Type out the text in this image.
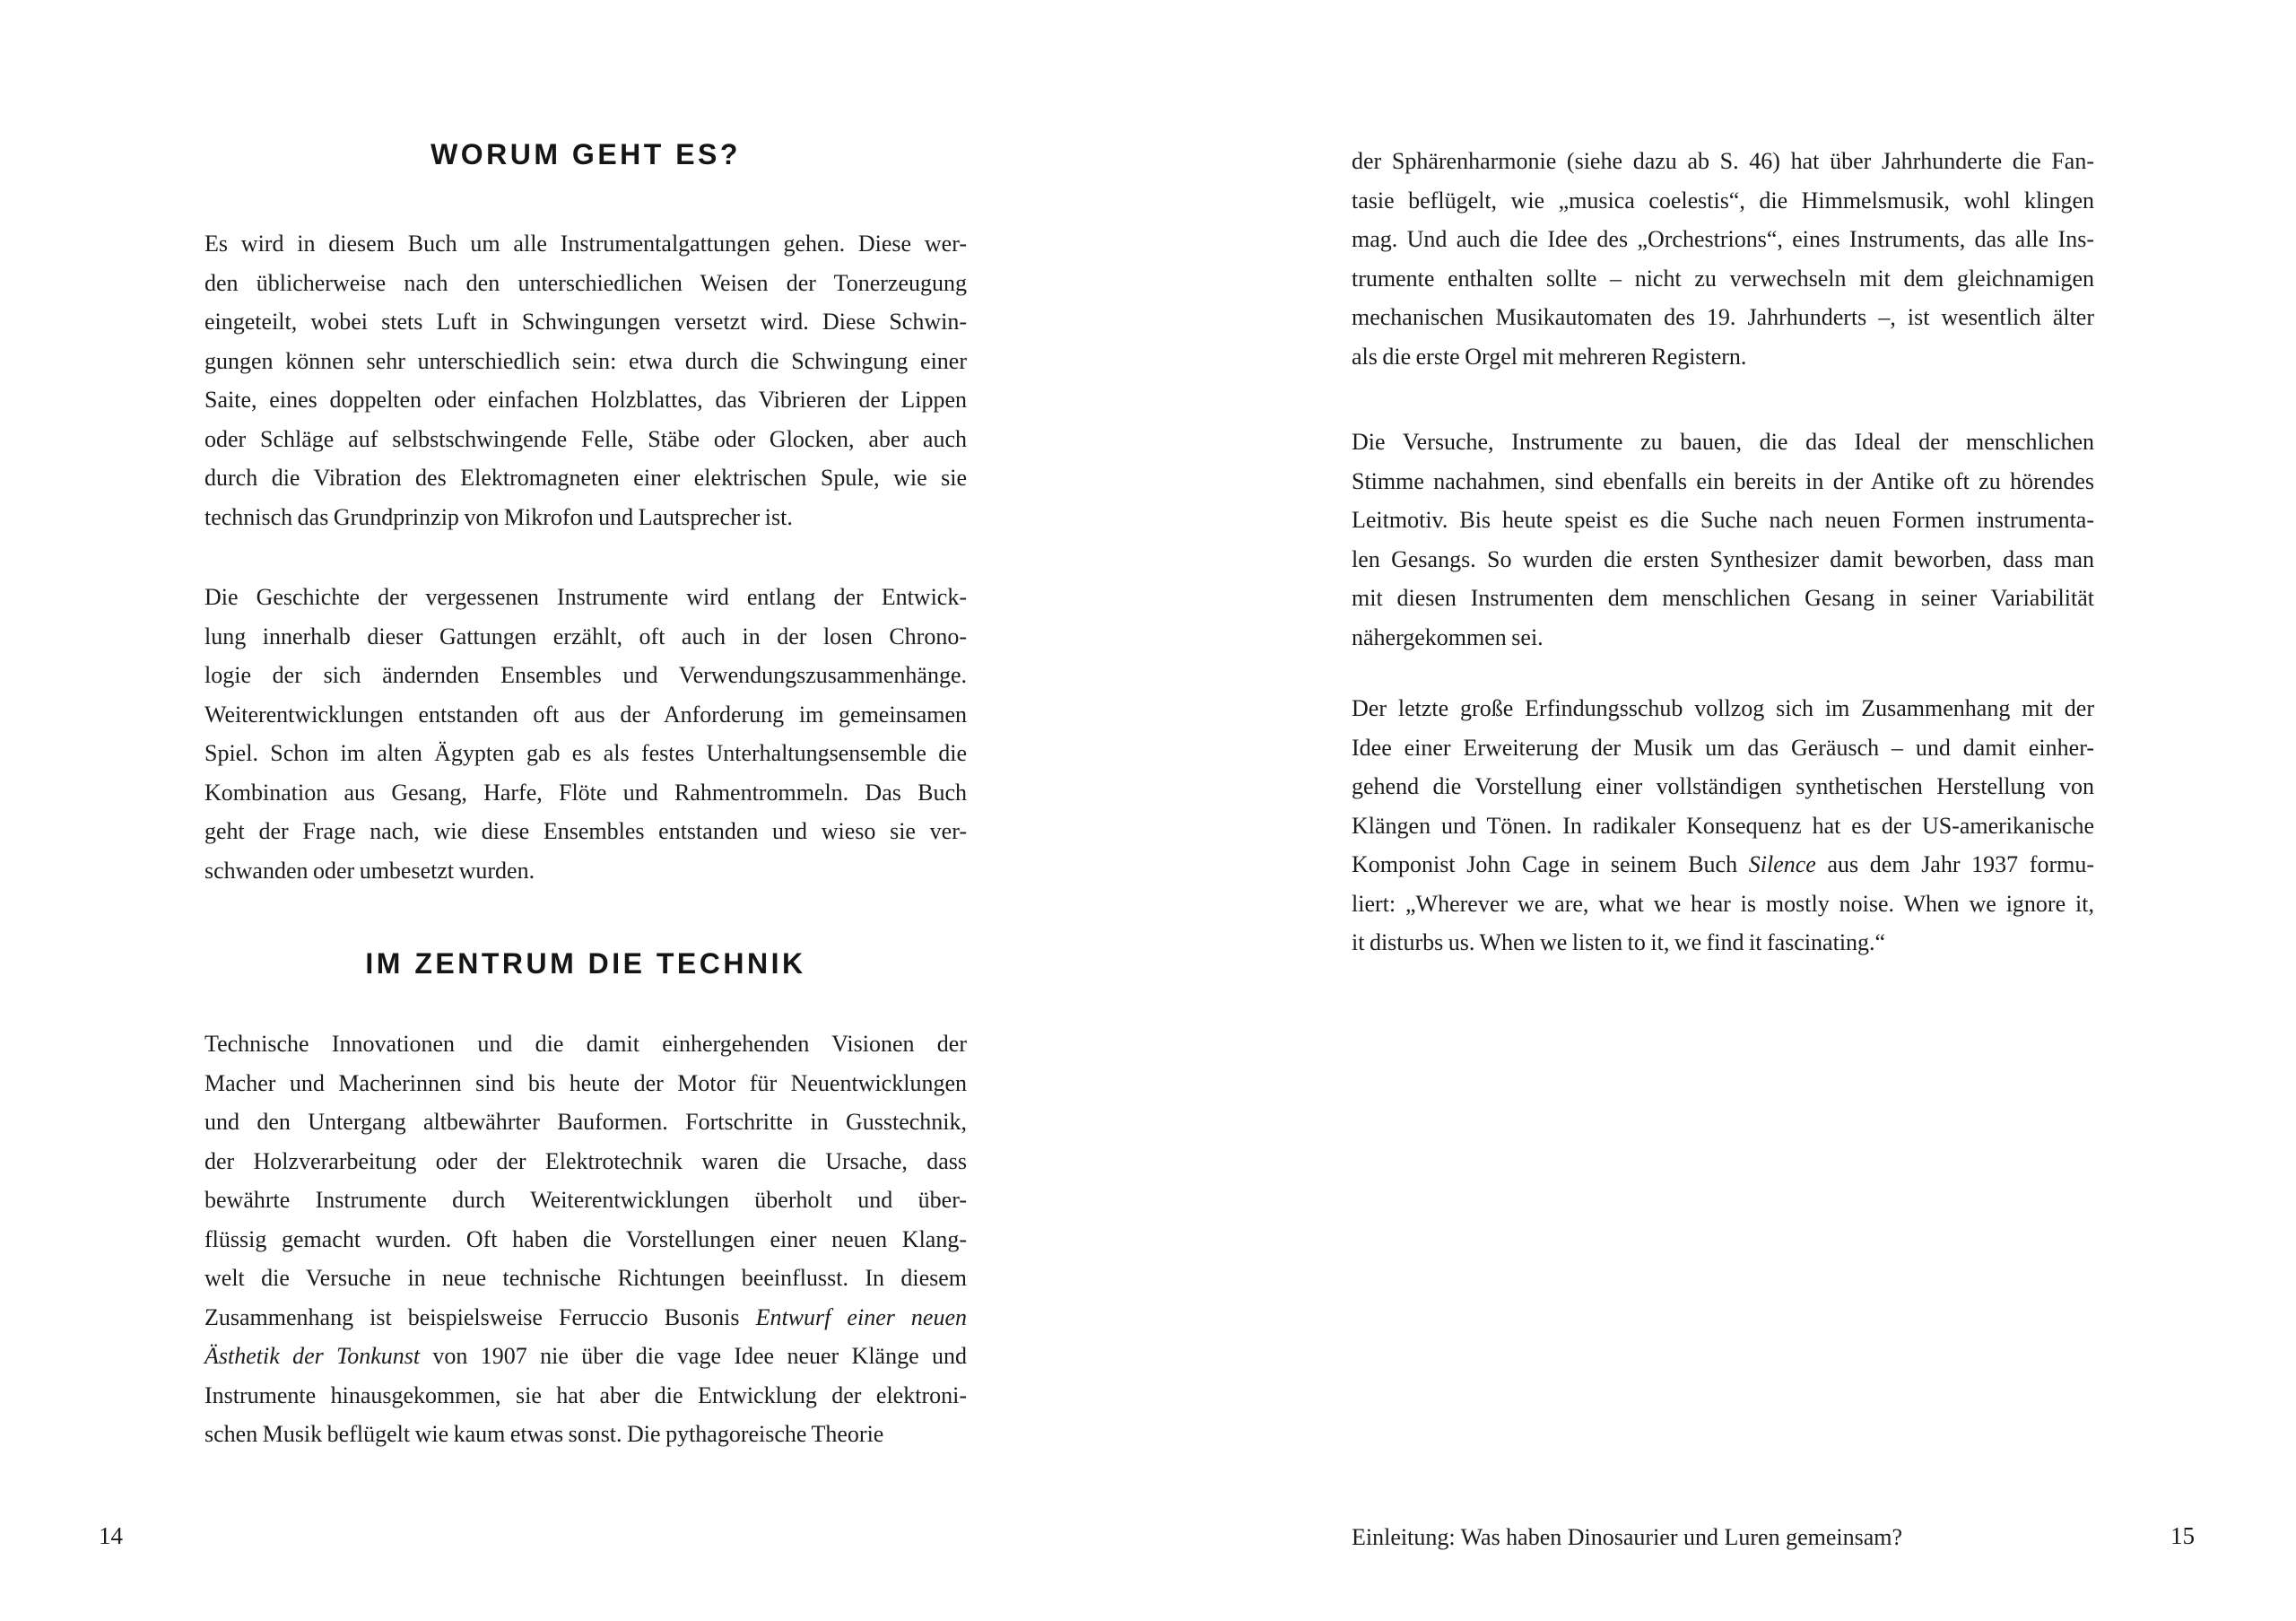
WORUM GEHT ES?
Es wird in diesem Buch um alle Instrumentalgattungen gehen. Diese wer-
den üblicherweise nach den unterschiedlichen Weisen der Tonerzeugung
eingeteilt, wobei stets Luft in Schwingungen versetzt wird. Diese Schwin-
gungen können sehr unterschiedlich sein: etwa durch die Schwingung einer
Saite, eines doppelten oder einfachen Holzblattes, das Vibrieren der Lippen
oder Schläge auf selbstschwingende Felle, Stäbe oder Glocken, aber auch
durch die Vibration des Elektromagneten einer elektrischen Spule, wie sie
technisch das Grundprinzip von Mikrofon und Lautsprecher ist.
Die Geschichte der vergessenen Instrumente wird entlang der Entwick-
lung innerhalb dieser Gattungen erzählt, oft auch in der losen Chrono-
logie der sich ändernden Ensembles und Verwendungszusammenhänge.
Weiterentwicklungen entstanden oft aus der Anforderung im gemeinsamen
Spiel. Schon im alten Ägypten gab es als festes Unterhaltungsensemble die
Kombination aus Gesang, Harfe, Flöte und Rahmentrommeln. Das Buch
geht der Frage nach, wie diese Ensembles entstanden und wieso sie ver-
schwanden oder umbesetzt wurden.
IM ZENTRUM DIE TECHNIK
Technische Innovationen und die damit einhergehenden Visionen der
Macher und Macherinnen sind bis heute der Motor für Neuentwicklungen
und den Untergang altbewährter Bauformen. Fortschritte in Gusstechnik,
der Holzverarbeitung oder der Elektrotechnik waren die Ursache, dass
bewährte Instrumente durch Weiterentwicklungen überholt und über-
flüssig gemacht wurden. Oft haben die Vorstellungen einer neuen Klang-
welt die Versuche in neue technische Richtungen beeinflusst. In diesem
Zusammenhang ist beispielsweise Ferruccio Busonis Entwurf einer neuen
Ästhetik der Tonkunst von 1907 nie über die vage Idee neuer Klänge und
Instrumente hinausgekommen, sie hat aber die Entwicklung der elektroni-
schen Musik beflügelt wie kaum etwas sonst. Die pythagoreische Theorie
der Sphärenharmonie (siehe dazu ab S. 46) hat über Jahrhunderte die Fan-
tasie beflügelt, wie „musica coelestis“, die Himmelsmusik, wohl klingen
mag. Und auch die Idee des „Orchestrions“, eines Instruments, das alle Ins-
trumente enthalten sollte – nicht zu verwechseln mit dem gleichnamigen
mechanischen Musikautomaten des 19. Jahrhunderts –, ist wesentlich älter
als die erste Orgel mit mehreren Registern.
Die Versuche, Instrumente zu bauen, die das Ideal der menschlichen
Stimme nachahmen, sind ebenfalls ein bereits in der Antike oft zu hörendes
Leitmotiv. Bis heute speist es die Suche nach neuen Formen instrumenta-
len Gesangs. So wurden die ersten Synthesizer damit beworben, dass man
mit diesen Instrumenten dem menschlichen Gesang in seiner Variabilität
nähergekommen sei.
Der letzte große Erfindungsschub vollzog sich im Zusammenhang mit der
Idee einer Erweiterung der Musik um das Geräusch – und damit einher-
gehend die Vorstellung einer vollständigen synthetischen Herstellung von
Klängen und Tönen. In radikaler Konsequenz hat es der US-amerikanische
Komponist John Cage in seinem Buch Silence aus dem Jahr 1937 formu-
liert: „Wherever we are, what we hear is mostly noise. When we ignore it,
it disturbs us. When we listen to it, we find it fascinating.“
14	Einleitung: Was haben Dinosaurier und Luren gemeinsam?	15
